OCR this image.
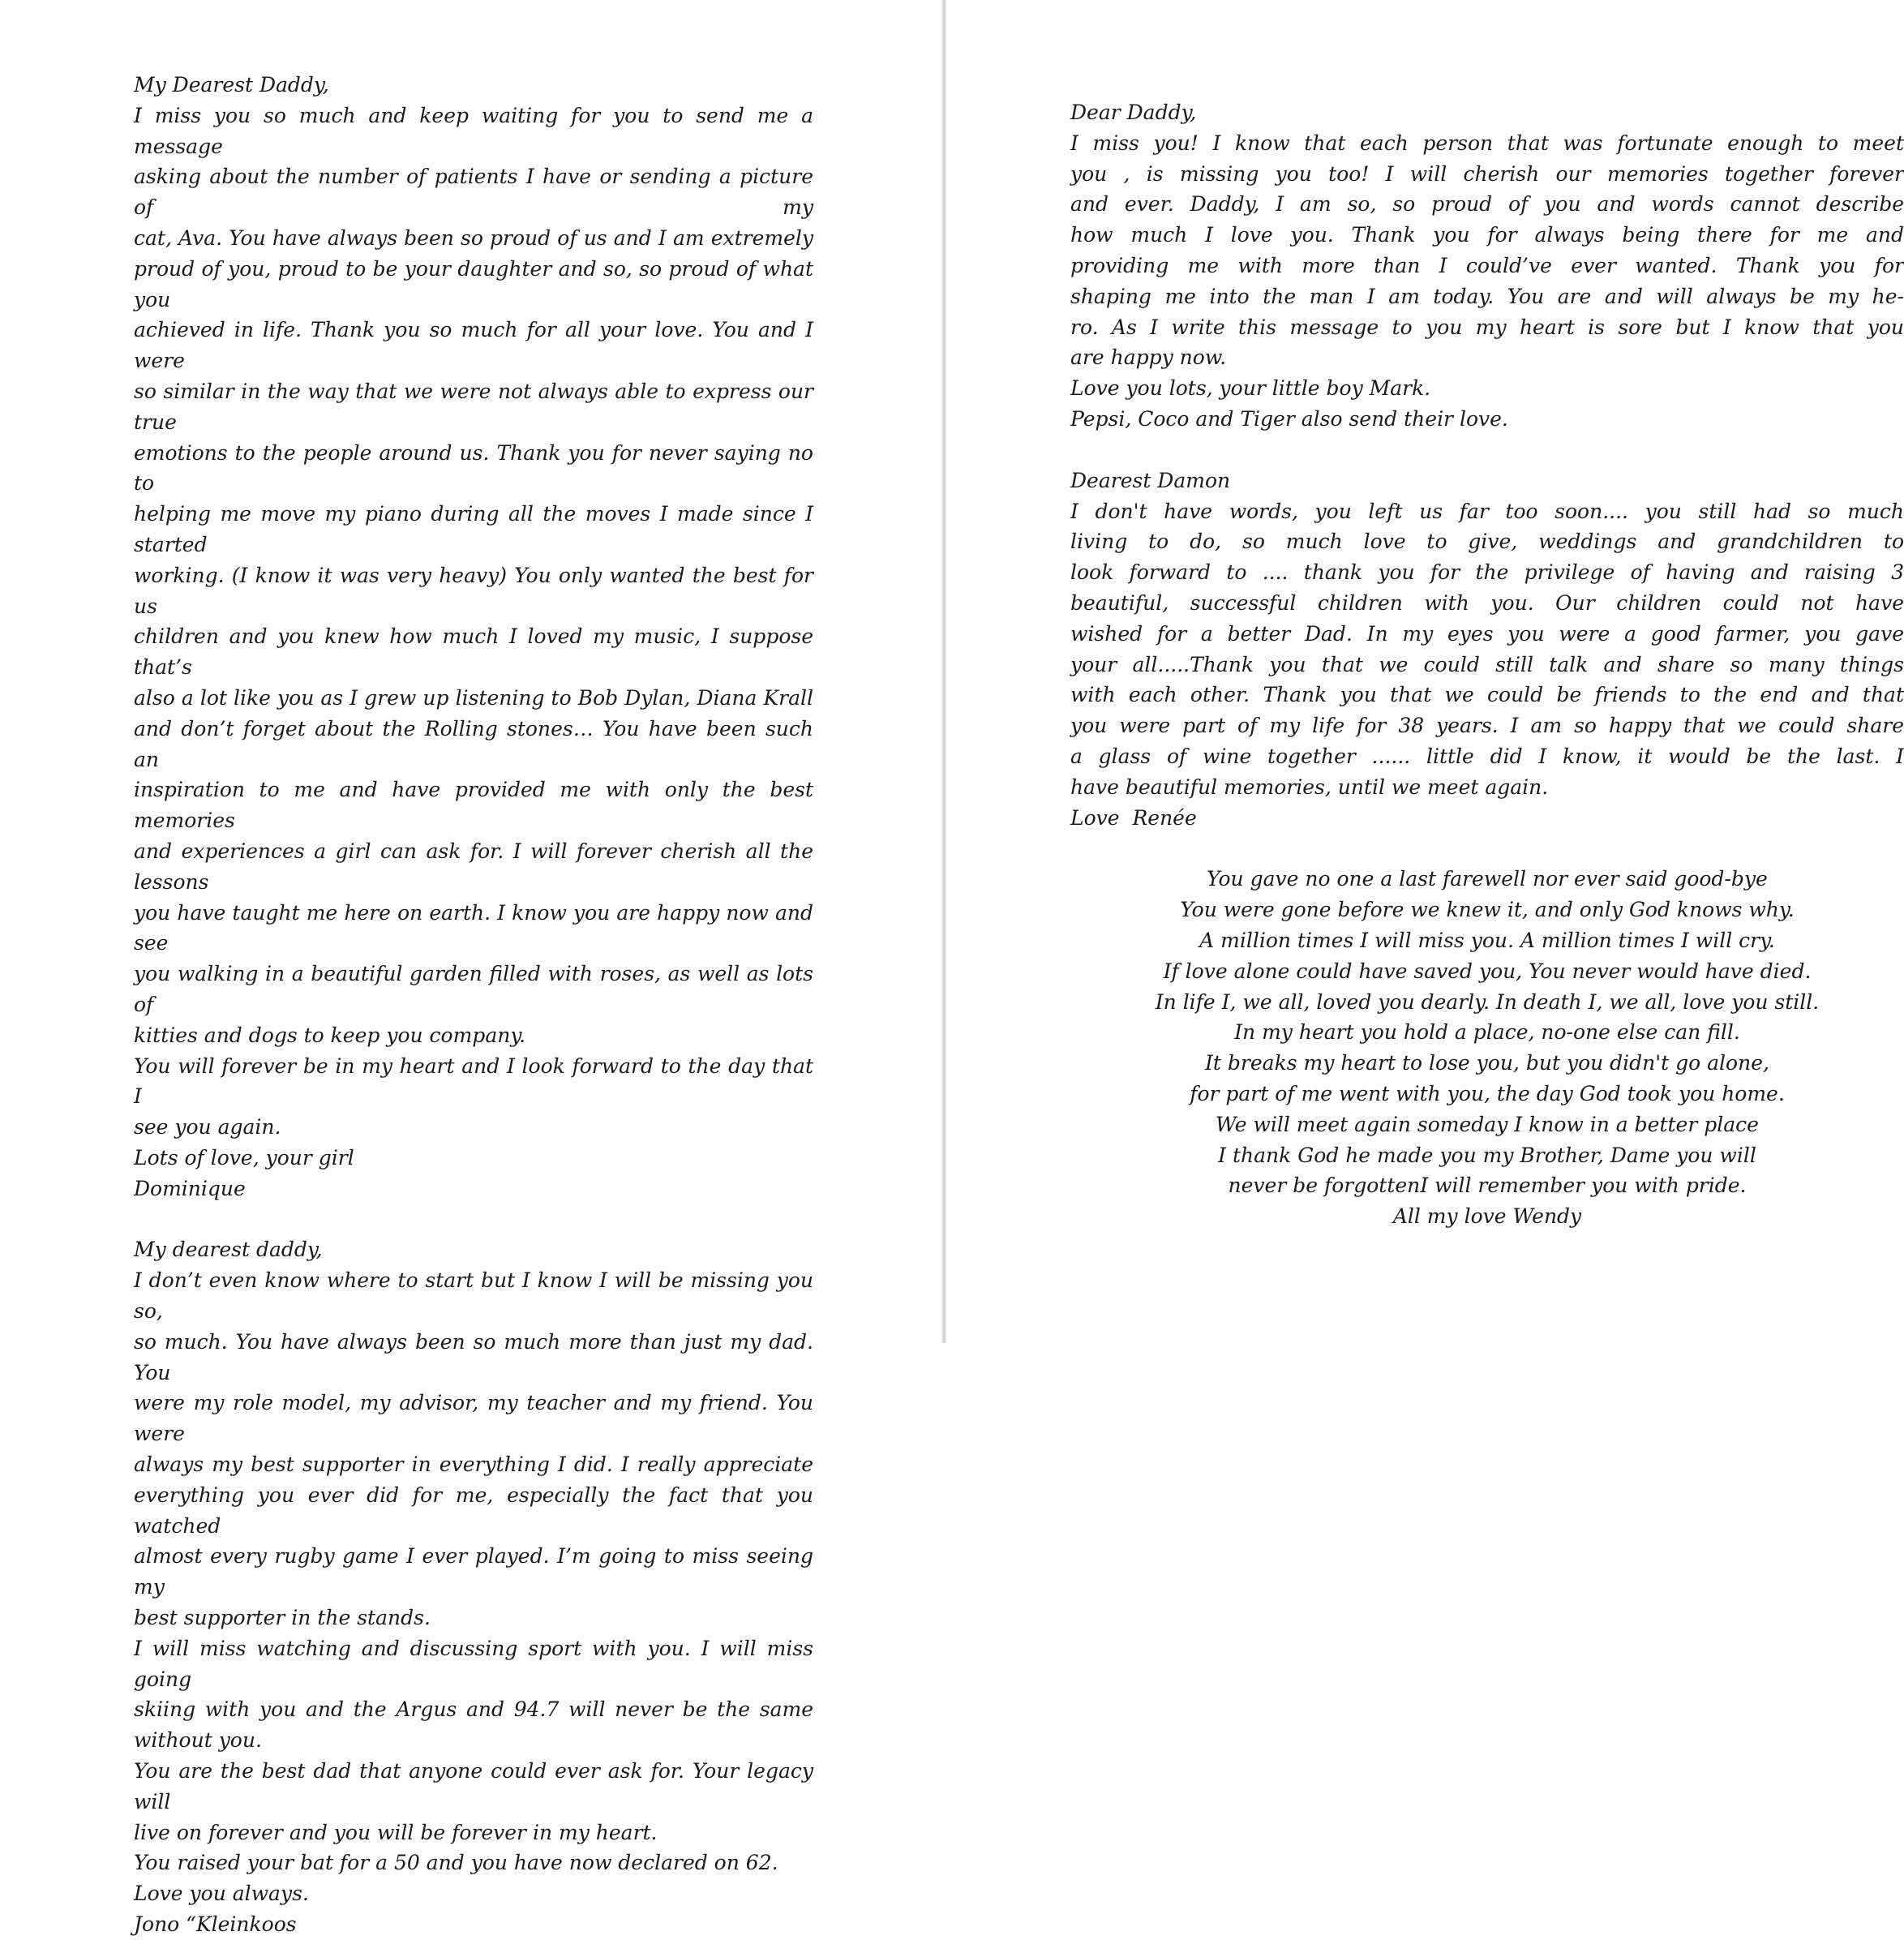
My Dearest Daddy,
I miss you so much and keep waiting for you to send me a message
asking about the number of patients I have or sending a picture of my
cat, Ava. You have always been so proud of us and I am extremely
proud of you, proud to be your daughter and so, so proud of what you
achieved in life. Thank you so much for all your love. You and I were
so similar in the way that we were not always able to express our true
emotions to the people around us. Thank you for never saying no to
helping me move my piano during all the moves I made since I started
working. (I know it was very heavy) You only wanted the best for us
children and you knew how much I loved my music, I suppose that’s
also a lot like you as I grew up listening to Bob Dylan, Diana Krall
and don’t forget about the Rolling stones… You have been such an
inspiration to me and have provided me with only the best memories
and experiences a girl can ask for. I will forever cherish all the lessons
you have taught me here on earth. I know you are happy now and see
you walking in a beautiful garden filled with roses, as well as lots of
kitties and dogs to keep you company.
You will forever be in my heart and I look forward to the day that I
see you again.
Lots of love, your girl
Dominique
My dearest daddy,
I don’t even know where to start but I know I will be missing you so,
so much. You have always been so much more than just my dad. You
were my role model, my advisor, my teacher and my friend. You were
always my best supporter in everything I did. I really appreciate
everything you ever did for me, especially the fact that you watched
almost every rugby game I ever played. I’m going to miss seeing my
best supporter in the stands.
I will miss watching and discussing sport with you. I will miss going
skiing with you and the Argus and 94.7 will never be the same
without you.
You are the best dad that anyone could ever ask for. Your legacy will
live on forever and you will be forever in my heart.
You raised your bat for a 50 and you have now declared on 62.
Love you always.
Jono “Kleinkoos
Dear Daddy,
I miss you! I know that each person that was fortunate enough to meet
you , is missing you too! I will cherish our memories together forever
and ever. Daddy, I am so, so proud of you and words cannot describe
how much I love you. Thank you for always being there for me and
providing me with more than I could’ve ever wanted. Thank you for
shaping me into the man I am today. You are and will always be my he-
ro. As I write this message to you my heart is sore but I know that you
are happy now.
Love you lots, your little boy Mark.
Pepsi, Coco and Tiger also send their love.
Dearest Damon
I don't have words, you left us far too soon.... you still had so much
living to do, so much love to give, weddings and grandchildren to
look forward to .... thank you for the privilege of having and raising 3
beautiful, successful children with you. Our children could not have
wished for a better Dad. In my eyes you were a good farmer, you gave
your all.....Thank you that we could still talk and share so many things
with each other. Thank you that we could be friends to the end and that
you were part of my life for 38 years. I am so happy that we could share
a glass of wine together ...... little did I know, it would be the last. I
have beautiful memories, until we meet again.
Love  Renée
You gave no one a last farewell nor ever said good-bye
You were gone before we knew it, and only God knows why.
A million times I will miss you. A million times I will cry.
If love alone could have saved you, You never would have died.
In life I, we all, loved you dearly. In death I, we all, love you still.
In my heart you hold a place, no-one else can fill.
It breaks my heart to lose you, but you didn't go alone,
for part of me went with you, the day God took you home.
We will meet again someday I know in a better place
I thank God he made you my Brother, Dame you will
never be forgottenI will remember you with pride.
All my love Wendy
